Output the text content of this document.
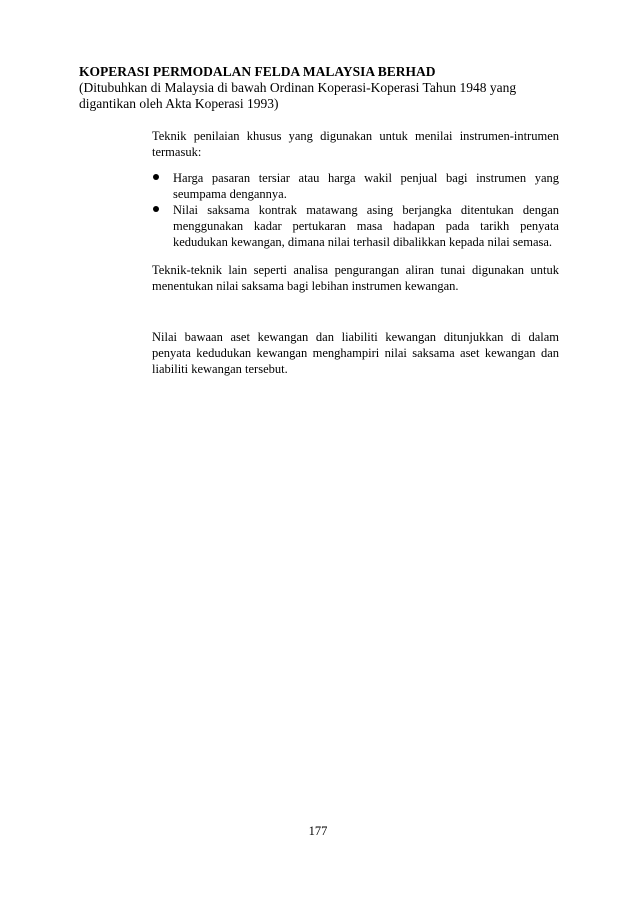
KOPERASI PERMODALAN FELDA MALAYSIA BERHAD

(Ditubuhkan di Malaysia di bawah Ordinan Koperasi-Koperasi Tahun 1948 yang digantikan oleh Akta Koperasi 1993)

Teknik penilaian khusus yang digunakan untuk menilai instrumen-intrumen termasuk:

Harga pasaran tersiar atau harga wakil penjual bagi instrumen yang seumpama dengannya.
Nilai saksama kontrak matawang asing berjangka ditentukan dengan menggunakan kadar pertukaran masa hadapan pada tarikh penyata kedudukan kewangan, dimana nilai terhasil dibalikkan kepada nilai semasa.

Teknik-teknik lain seperti analisa pengurangan aliran tunai digunakan untuk menentukan nilai saksama bagi lebihan instrumen kewangan.

Nilai bawaan aset kewangan dan liabiliti kewangan ditunjukkan di dalam penyata kedudukan kewangan menghampiri nilai saksama aset kewangan dan liabiliti kewangan tersebut.

177
